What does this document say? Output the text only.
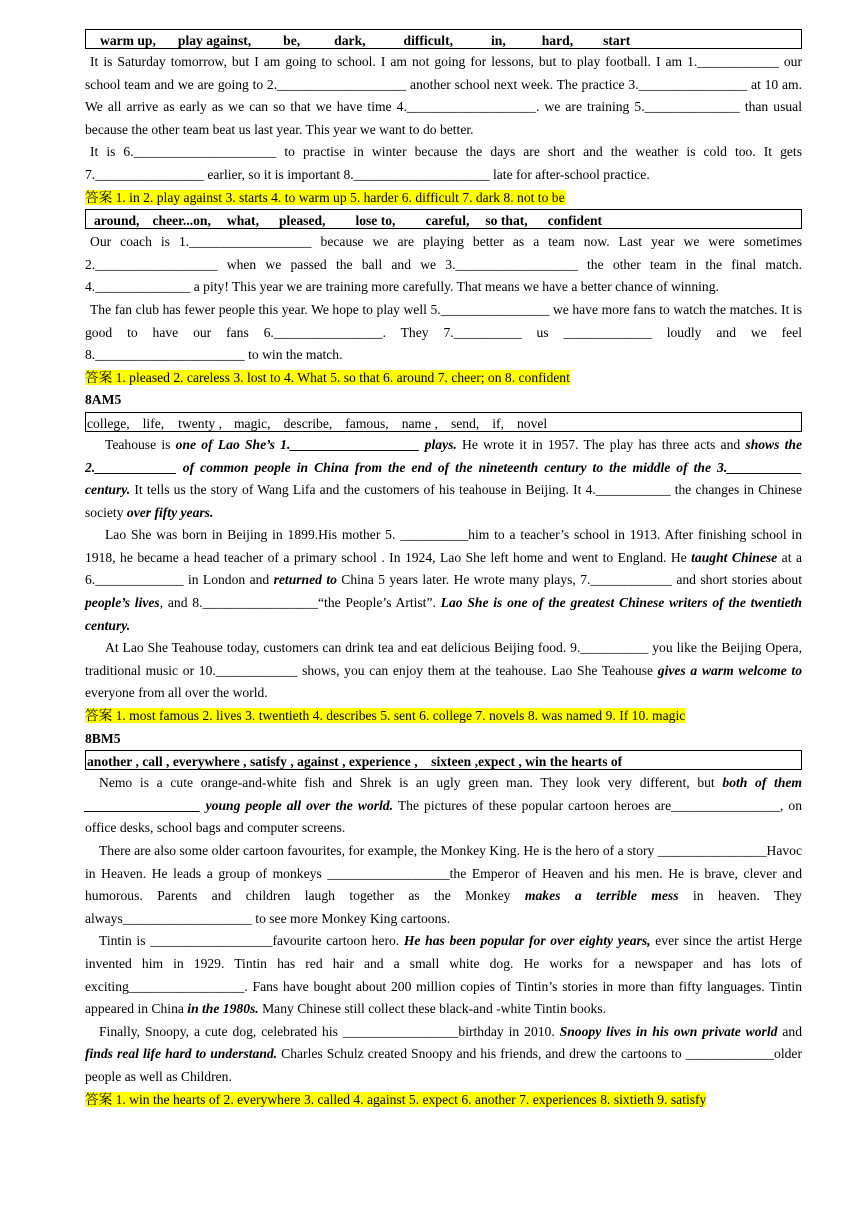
warm up, play against, be,	dark,	difficult,	in,	hard, start

It is Saturday tomorrow, but I am going to school. I am not going for lessons, but to play football. I am 1.____________ our school team and we are going to 2.___________________ another school next week. The practice 3.________________ at 10 am. We all arrive as early as we can so that we have time 4.___________________. we are training 5.______________ than usual because the other team beat us last year. This year we want to do better.

It is 6._____________________ to practise in winter because the days are short and the weather is cold too. It gets 7.________________ earlier, so it is important 8.____________________ late for after-school practice.

答案 1. in 2. play against 3. starts 4. to warm up 5. harder 6. difficult 7. dark 8. not to be
around, cheer...on, what, pleased, lose to, careful, so that, confident

Our coach is 1.__________________ because we are playing better as a team now. Last year we were sometimes 2.__________________ when we passed the ball and we 3.__________________ the other team in the final match. 4.______________ a pity! This year we are training more carefully. That means we have a better chance of winning.

The fan club has fewer people this year. We hope to play well 5.________________ we have more fans to watch the matches. It is good to have our fans 6.________________. They 7.__________ us _____________ loudly and we feel 8.______________________ to win the match.

答案 1. pleased 2. careless 3. lost to 4. What 5. so that 6. around 7. cheer; on 8. confident
8AM5
college, life, twenty , magic, describe, famous, name , send, if, novel

Teahouse is one of Lao She’s 1.___________________ plays. He wrote it in 1957. The play has three acts and shows the 2.____________ of common people in China from the end of the nineteenth century to the middle of the 3.___________ century. It tells us the story of Wang Lifa and the customers of his teahouse in Beijing. It 4.___________ the changes in Chinese society over fifty years.

Lao She was born in Beijing in 1899.His mother 5. __________him to a teacher’s school in 1913. After finishing school in 1918, he became a head teacher of a primary school . In 1924, Lao She left home and went to England. He taught Chinese at a 6._____________ in London and returned to China 5 years later. He wrote many plays, 7.____________ and short stories about people’s lives, and 8._________________“the People’s Artist”. Lao She is one of the greatest Chinese writers of the twentieth century.

At Lao She Teahouse today, customers can drink tea and eat delicious Beijing food. 9.__________ you like the Beijing Opera, traditional music or 10.____________ shows, you can enjoy them at the teahouse. Lao She Teahouse gives a warm welcome to everyone from all over the world.

答案 1. most famous 2. lives 3. twentieth 4. describes 5. sent 6. college 7. novels 8. was named 9. If 10. magic
8BM5
another , call , everywhere , satisfy , against , experience ,    sixteen ,expect , win the hearts of

Nemo is a cute orange-and-white fish and Shrek is an ugly green man. They look very different, but both of them _________________ young people all over the world. The pictures of these popular cartoon heroes are________________, on office desks, school bags and computer screens.

There are also some older cartoon favourites, for example, the Monkey King. He is the hero of a story ________________Havoc in Heaven. He leads a group of monkeys __________________the Emperor of Heaven and his men. He is brave, clever and humorous. Parents and children laugh together as the Monkey makes a terrible mess in heaven. They always___________________ to see more Monkey King cartoons.

Tintin is __________________favourite cartoon hero. He has been popular for over eighty years, ever since the artist Herge invented him in 1929. Tintin has red hair and a small white dog. He works for a newspaper and has lots of exciting_________________. Fans have bought about 200 million copies of Tintin’s stories in more than fifty languages. Tintin appeared in China in the 1980s. Many Chinese still collect these black-and -white Tintin books.

Finally, Snoopy, a cute dog, celebrated his _________________birthday in 2010. Snoopy lives in his own private world and finds real life hard to understand. Charles Schulz created Snoopy and his friends, and drew the cartoons to _____________older people as well as Children.

答案 1. win the hearts of 2. everywhere 3. called 4. against 5. expect 6. another 7. experiences 8. sixtieth 9. satisfy
